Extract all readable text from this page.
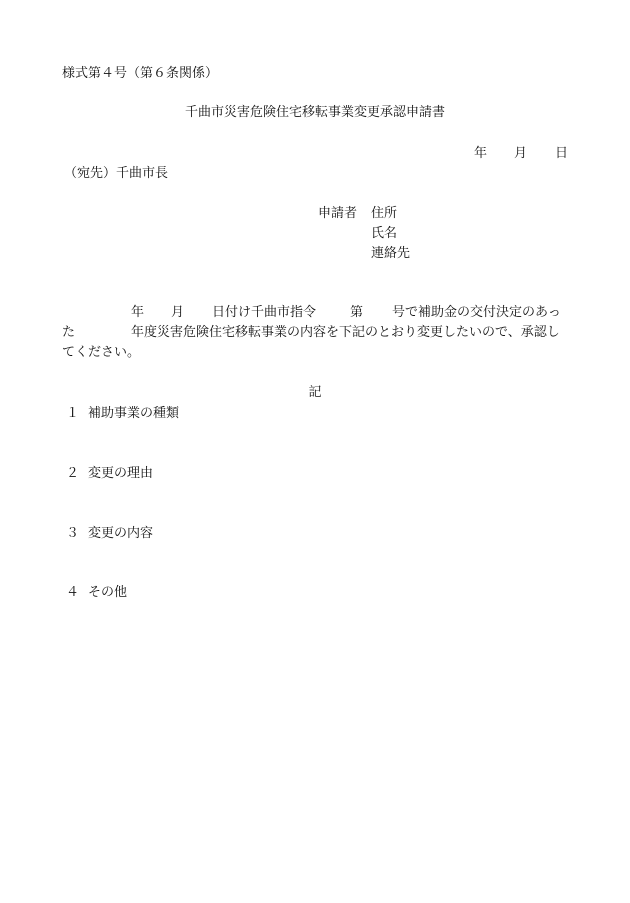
様式第４号（第６条関係）
千曲市災害危険住宅移転事業変更承認申請書
年 月 日
（宛先）千曲市長
申請者 住所
氏名
連絡先
年 月 日付け千曲市指令	第 号で補助金の交付決定のあっ
た	年度災害危険住宅移転事業の内容を下記のとおり変更したいので、承認し
てください。
記
１ 補助事業の種類
２ 変更の理由
３ 変更の内容
４ その他
